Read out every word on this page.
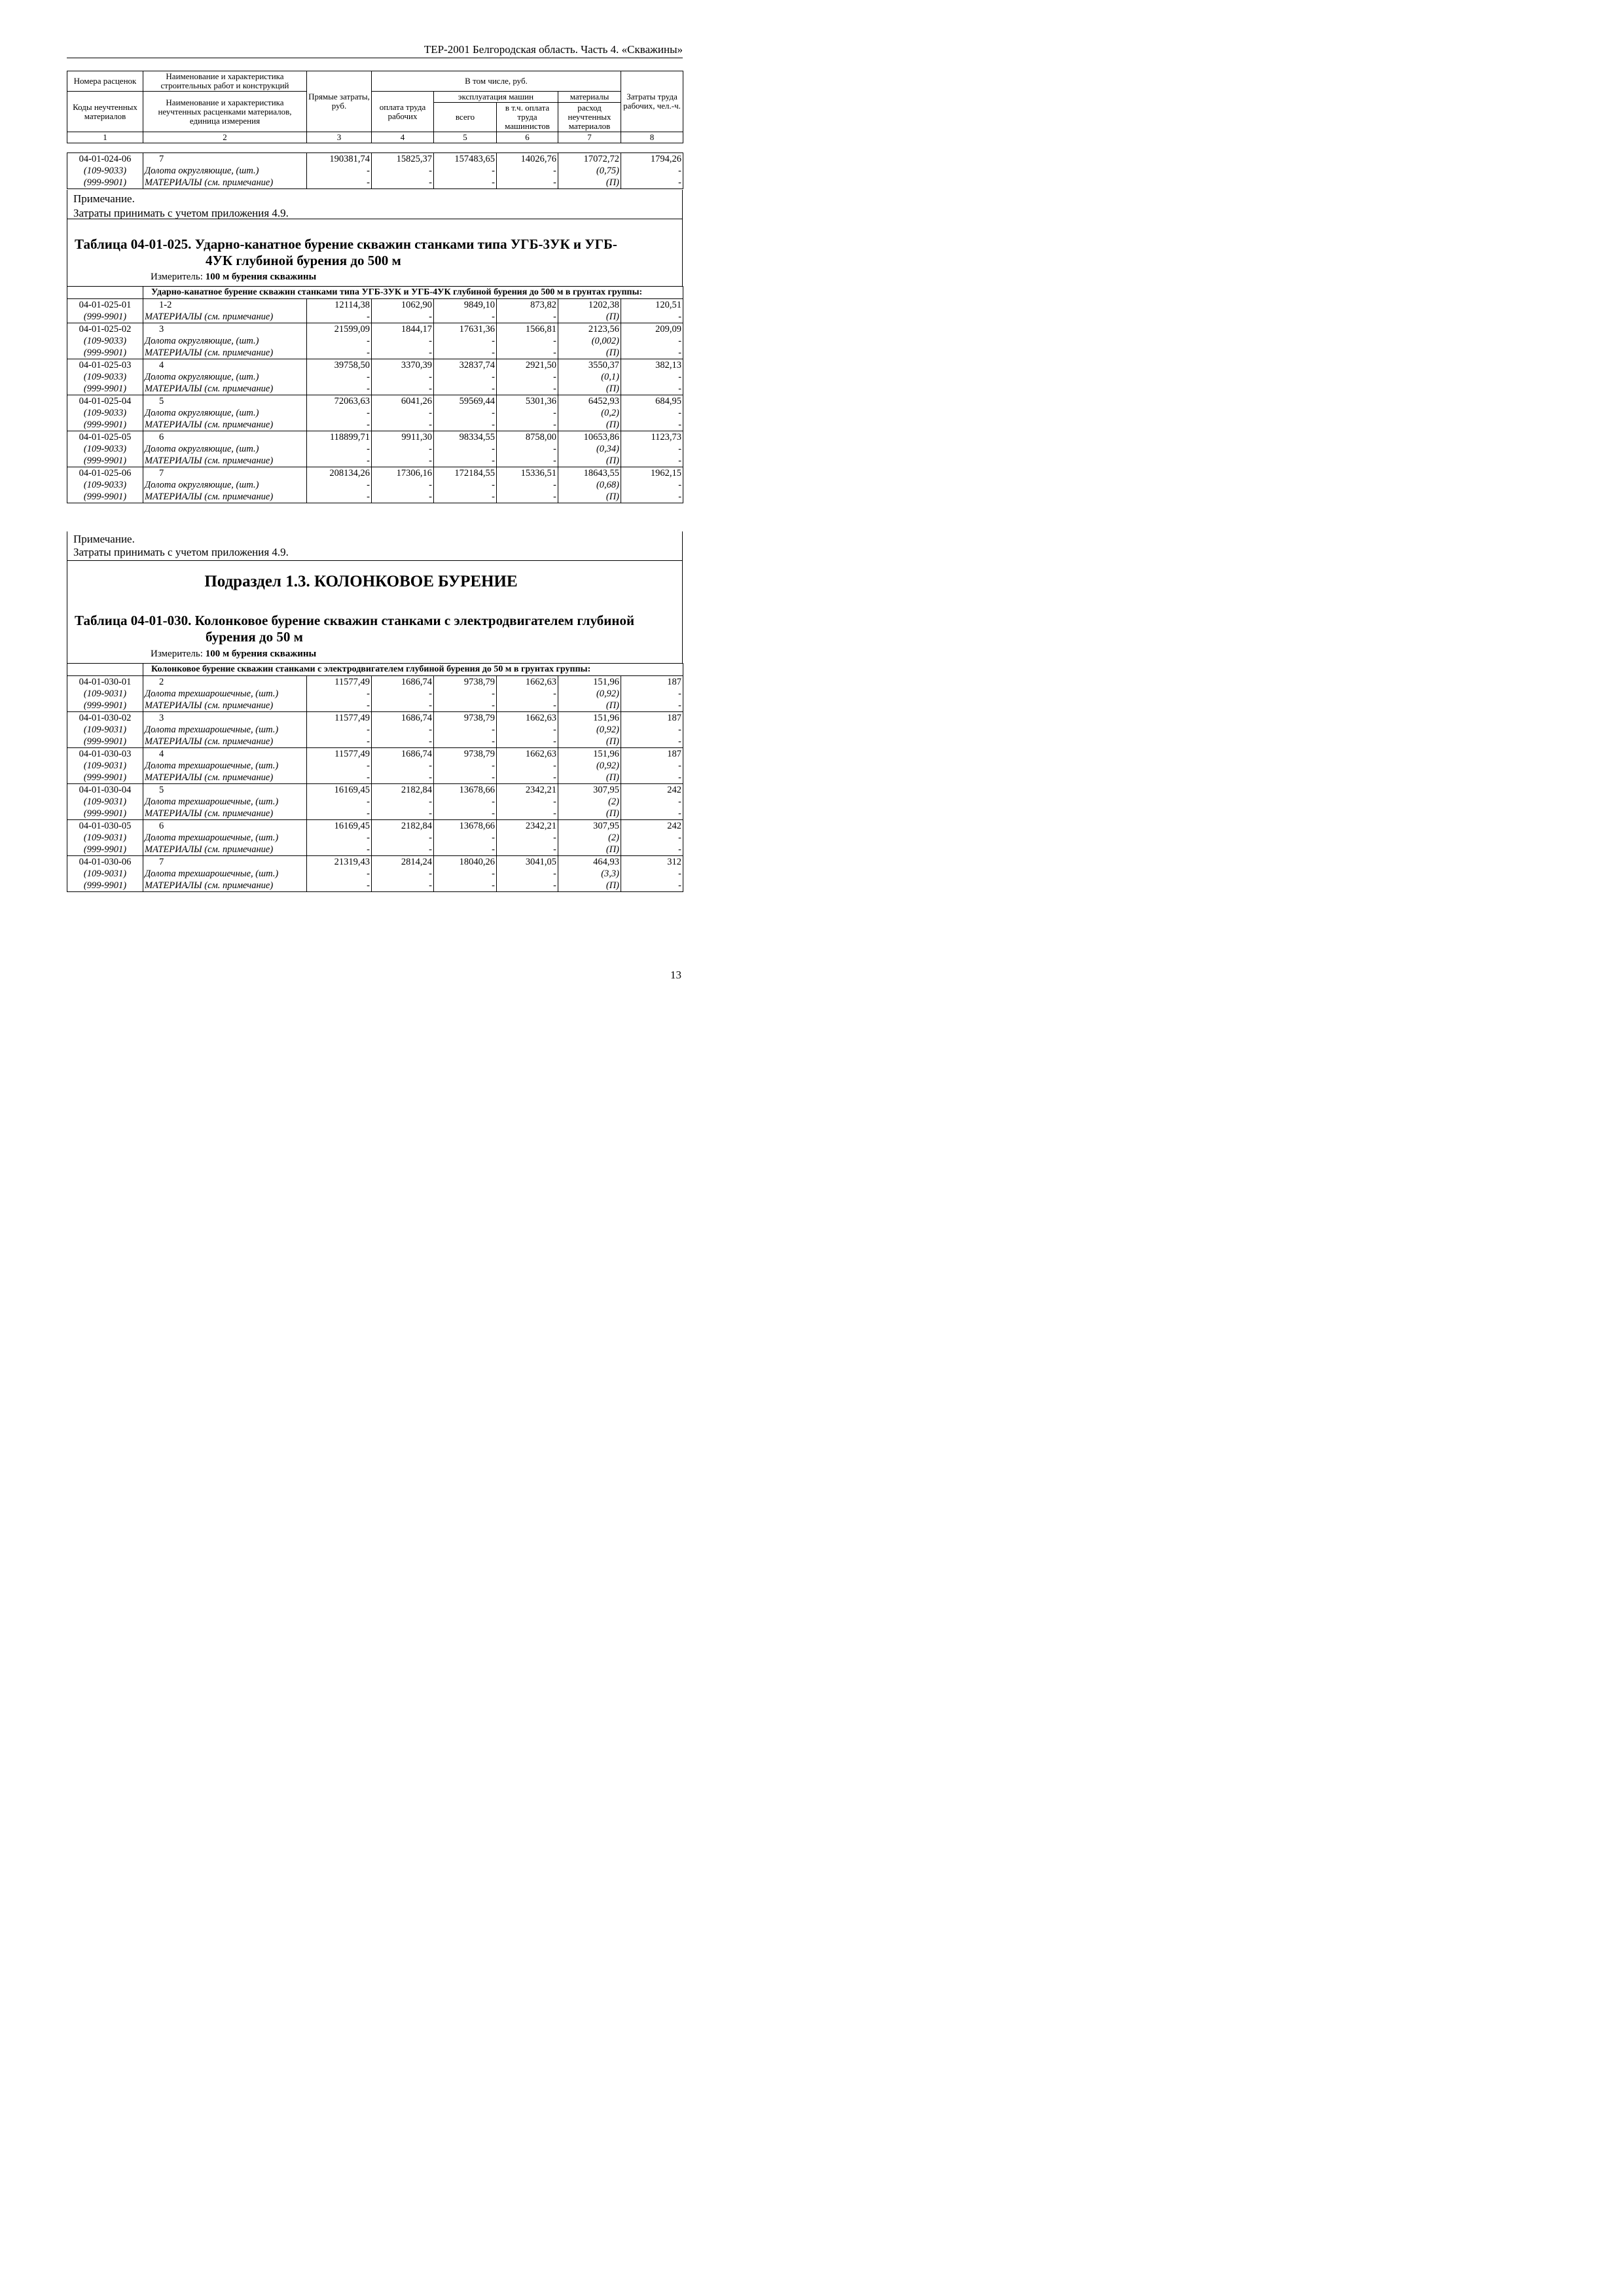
ТЕР-2001 Белгородская область. Часть 4. «Скважины»
Номера расценок	Наименование и характеристика строительных работ и конструкций	Прямые затраты, руб.	В том числе, руб.				Затраты труда рабочих, чел.-ч.
Коды неучтенных материалов	Наименование и характеристика неучтенных расценками материалов, единица измерения		оплата труда рабочих	эксплуатация машин		материалы	
				всего	в т.ч. оплата труда машинистов	расход неучтенных материалов	
1	2	3	4	5	6	7	8
04-01-024-06	7	190381,74	15825,37	157483,65	14026,76	17072,72	1794,26
(109-9033)	Долота округляющие, (шт.)	-	-	-	-	(0,75)	-
(999-9901)	МАТЕРИАЛЫ (см. примечание)	-	-	-	-	(П)	-
Примечание.
Затраты принимать с учетом приложения 4.9.
Таблица 04-01-025. Ударно-канатное бурение скважин станками типа УГБ-3УК и УГБ-
4УК глубиной бурения до 500 м
Измеритель: 100 м бурения скважины
	Ударно-канатное бурение скважин станками типа УГБ-3УК и УГБ-4УК глубиной бурения до 500 м в грунтах группы:						
04-01-025-01	1-2	12114,38	1062,90	9849,10	873,82	1202,38	120,51
(999-9901)	МАТЕРИАЛЫ (см. примечание)	-	-	-	-	(П)	-
04-01-025-02	3	21599,09	1844,17	17631,36	1566,81	2123,56	209,09
(109-9033)	Долота округляющие, (шт.)	-	-	-	-	(0,002)	-
(999-9901)	МАТЕРИАЛЫ (см. примечание)	-	-	-	-	(П)	-
04-01-025-03	4	39758,50	3370,39	32837,74	2921,50	3550,37	382,13
(109-9033)	Долота округляющие, (шт.)	-	-	-	-	(0,1)	-
(999-9901)	МАТЕРИАЛЫ (см. примечание)	-	-	-	-	(П)	-
04-01-025-04	5	72063,63	6041,26	59569,44	5301,36	6452,93	684,95
(109-9033)	Долота округляющие, (шт.)	-	-	-	-	(0,2)	-
(999-9901)	МАТЕРИАЛЫ (см. примечание)	-	-	-	-	(П)	-
04-01-025-05	6	118899,71	9911,30	98334,55	8758,00	10653,86	1123,73
(109-9033)	Долота округляющие, (шт.)	-	-	-	-	(0,34)	-
(999-9901)	МАТЕРИАЛЫ (см. примечание)	-	-	-	-	(П)	-
04-01-025-06	7	208134,26	17306,16	172184,55	15336,51	18643,55	1962,15
(109-9033)	Долота округляющие, (шт.)	-	-	-	-	(0,68)	-
(999-9901)	МАТЕРИАЛЫ (см. примечание)	-	-	-	-	(П)	-
Примечание.
Затраты принимать с учетом приложения 4.9.
Подраздел 1.3. КОЛОНКОВОЕ БУРЕНИЕ
Таблица 04-01-030. Колонковое бурение скважин станками с электродвигателем глубиной
бурения до 50 м
Измеритель: 100 м бурения скважины
	Колонковое бурение скважин станками с электродвигателем глубиной бурения до 50 м в грунтах группы:						
04-01-030-01	2	11577,49	1686,74	9738,79	1662,63	151,96	187
(109-9031)	Долота трехшарошечные, (шт.)	-	-	-	-	(0,92)	-
(999-9901)	МАТЕРИАЛЫ (см. примечание)	-	-	-	-	(П)	-
04-01-030-02	3	11577,49	1686,74	9738,79	1662,63	151,96	187
(109-9031)	Долота трехшарошечные, (шт.)	-	-	-	-	(0,92)	-
(999-9901)	МАТЕРИАЛЫ (см. примечание)	-	-	-	-	(П)	-
04-01-030-03	4	11577,49	1686,74	9738,79	1662,63	151,96	187
(109-9031)	Долота трехшарошечные, (шт.)	-	-	-	-	(0,92)	-
(999-9901)	МАТЕРИАЛЫ (см. примечание)	-	-	-	-	(П)	-
04-01-030-04	5	16169,45	2182,84	13678,66	2342,21	307,95	242
(109-9031)	Долота трехшарошечные, (шт.)	-	-	-	-	(2)	-
(999-9901)	МАТЕРИАЛЫ (см. примечание)	-	-	-	-	(П)	-
04-01-030-05	6	16169,45	2182,84	13678,66	2342,21	307,95	242
(109-9031)	Долота трехшарошечные, (шт.)	-	-	-	-	(2)	-
(999-9901)	МАТЕРИАЛЫ (см. примечание)	-	-	-	-	(П)	-
04-01-030-06	7	21319,43	2814,24	18040,26	3041,05	464,93	312
(109-9031)	Долота трехшарошечные, (шт.)	-	-	-	-	(3,3)	-
(999-9901)	МАТЕРИАЛЫ (см. примечание)	-	-	-	-	(П)	-
13
